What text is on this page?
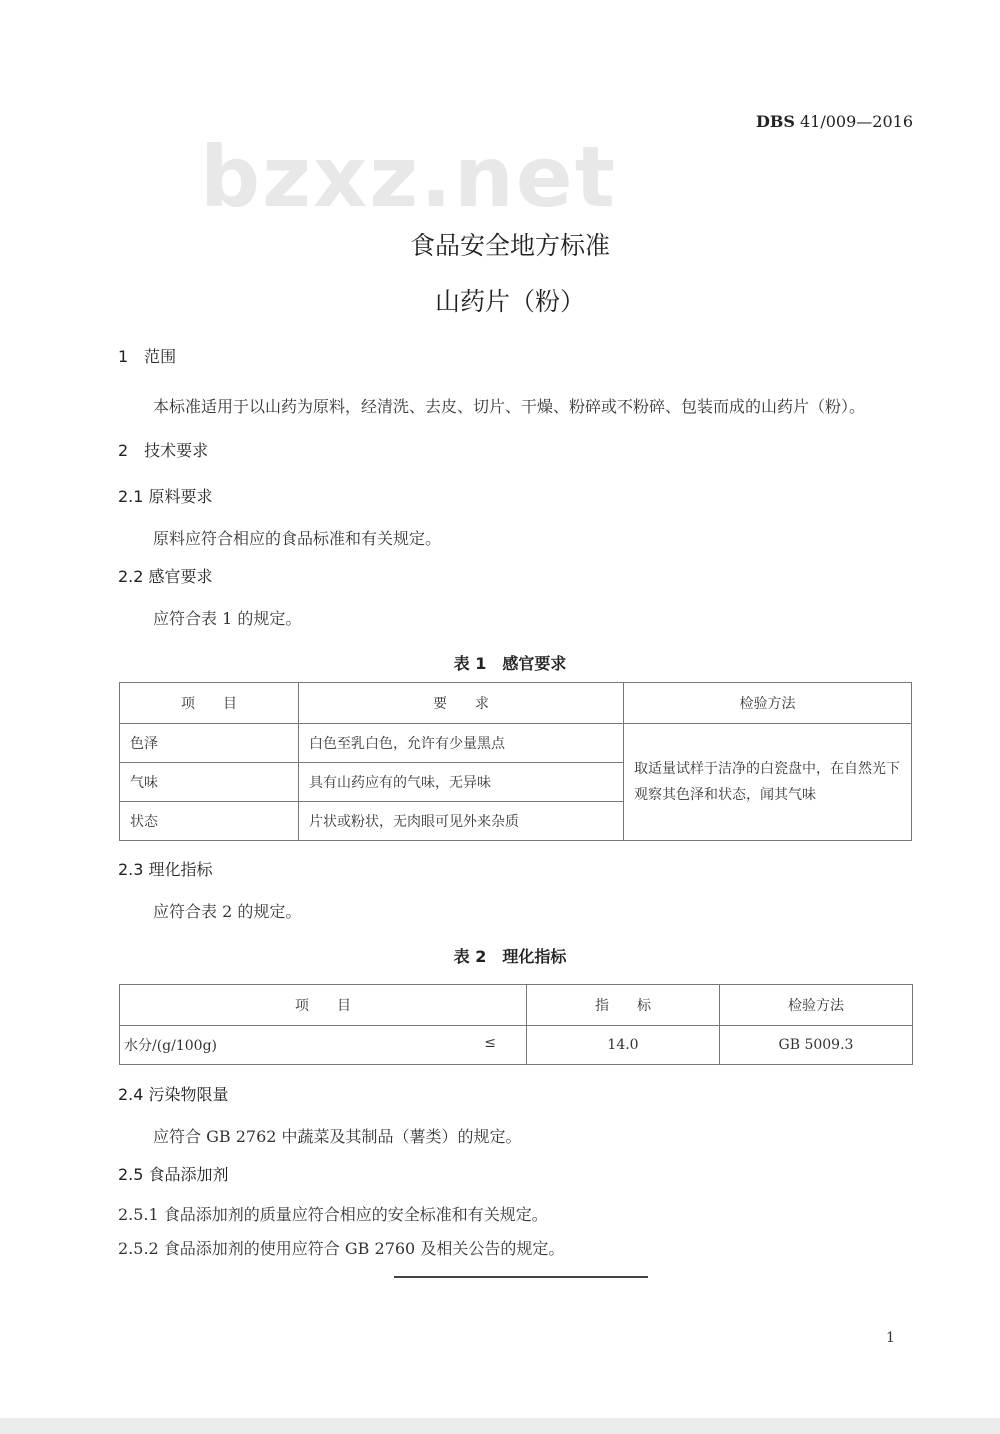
DBS 41/009—2016
bzxz.net
食品安全地方标准
山药片（粉）
1　范围
本标准适用于以山药为原料，经清洗、去皮、切片、干燥、粉碎或不粉碎、包装而成的山药片（粉）。
2　技术要求
2.1 原料要求
原料应符合相应的食品标准和有关规定。
2.2 感官要求
应符合表 1 的规定。
表 1　感官要求
项　　目	要　　求	检验方法
色泽	白色至乳白色，允许有少量黑点	取适量试样于洁净的白瓷盘中，在自然光下观察其色泽和状态，闻其气味
气味	具有山药应有的气味，无异味	
状态	片状或粉状，无肉眼可见外来杂质	
2.3 理化指标
应符合表 2 的规定。
表 2　理化指标
项　　目	指　　标	检验方法
水分/(g/100g) ≤	14.0	GB 5009.3
2.4 污染物限量
应符合 GB 2762 中蔬菜及其制品（薯类）的规定。
2.5 食品添加剂
2.5.1 食品添加剂的质量应符合相应的安全标准和有关规定。
2.5.2 食品添加剂的使用应符合 GB 2760 及相关公告的规定。
1
